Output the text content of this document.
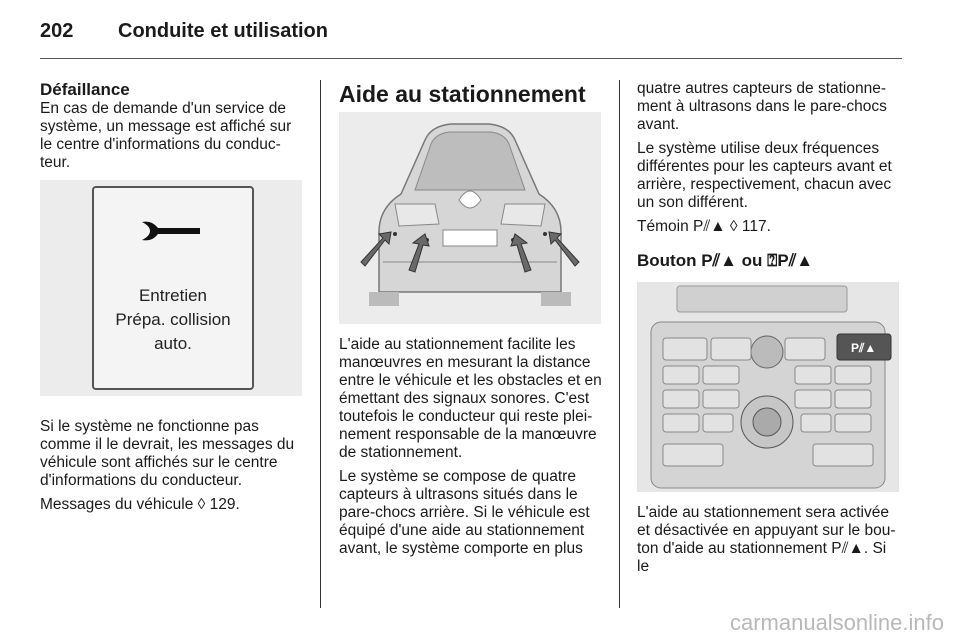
202 Conduite et utilisation
Défaillance

En cas de demande d'un service de système, un message est affiché sur le centre d'informations du conduc-teur.

Entretien
Prépa. collision
auto.

Si le système ne fonctionne pas comme il le devrait, les messages du véhicule sont affichés sur le centre d'informations du conducteur.

Messages du véhicule ◊ 129.

Aide au stationnement

L'aide au stationnement facilite les manœuvres en mesurant la distance entre le véhicule et les obstacles et en émettant des signaux sonores. C'est toutefois le conducteur qui reste plei-nement responsable de la manœuvre de stationnement.

Le système se compose de quatre capteurs à ultrasons situés dans le pare-chocs arrière. Si le véhicule est équipé d'une aide au stationnement avant, le système comporte en plus

quatre autres capteurs de stationne-ment à ultrasons dans le pare-chocs avant.

Le système utilise deux fréquences différentes pour les capteurs avant et arrière, respectivement, chacun avec un son différent.

Témoin P⫽▲ ◊ 117.

Bouton P⫽▲ ou ⍰P⫽▲
P⫽▲

L'aide au stationnement sera activée et désactivée en appuyant sur le bou-ton d'aide au stationnement P⫽▲. Si le

carmanualsonline.info
